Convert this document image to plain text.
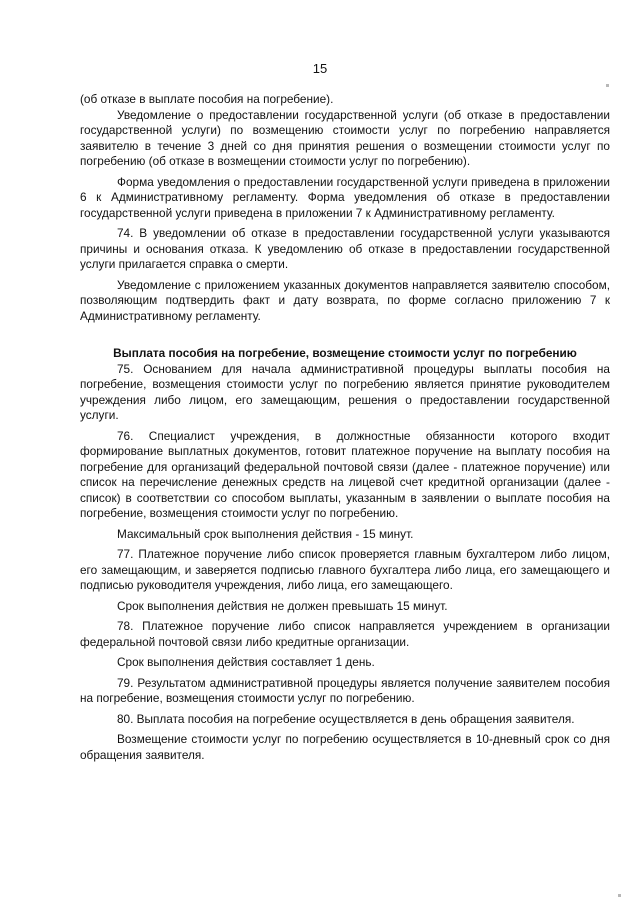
15

(об отказе в выплате пособия на погребение).

Уведомление о предоставлении государственной услуги (об отказе в предоставлении государственной услуги) по возмещению стоимости услуг по погребению направляется заявителю в течение 3 дней со дня принятия решения о возмещении стоимости услуг по погребению (об отказе в возмещении стоимости услуг по погребению).

Форма уведомления о предоставлении государственной услуги приведена в приложении 6 к Административному регламенту. Форма уведомления об отказе в предоставлении государственной услуги приведена в приложении 7 к Административному регламенту.

74. В уведомлении об отказе в предоставлении государственной услуги указываются причины и основания отказа. К уведомлению об отказе в предоставлении государственной услуги прилагается справка о смерти.

Уведомление с приложением указанных документов направляется заявителю способом, позволяющим подтвердить факт и дату возврата, по форме согласно приложению 7 к Административному регламенту.

Выплата пособия на погребение, возмещение стоимости услуг по погребению

75. Основанием для начала административной процедуры выплаты пособия на погребение, возмещения стоимости услуг по погребению является принятие руководителем учреждения либо лицом, его замещающим, решения о предоставлении государственной услуги.

76. Специалист учреждения, в должностные обязанности которого входит формирование выплатных документов, готовит платежное поручение на выплату пособия на погребение для организаций федеральной почтовой связи (далее - платежное поручение) или список на перечисление денежных средств на лицевой счет кредитной организации (далее - список) в соответствии со способом выплаты, указанным в заявлении о выплате пособия на погребение, возмещения стоимости услуг по погребению.

Максимальный срок выполнения действия - 15 минут.

77. Платежное поручение либо список проверяется главным бухгалтером либо лицом, его замещающим, и заверяется подписью главного бухгалтера либо лица, его замещающего и подписью руководителя учреждения, либо лица, его замещающего.

Срок выполнения действия не должен превышать 15 минут.

78. Платежное поручение либо список направляется учреждением в организации федеральной почтовой связи либо кредитные организации.

Срок выполнения действия составляет 1 день.

79. Результатом административной процедуры является получение заявителем пособия на погребение, возмещения стоимости услуг по погребению.

80. Выплата пособия на погребение осуществляется в день обращения заявителя.

Возмещение стоимости услуг по погребению осуществляется в 10-дневный срок со дня обращения заявителя.
